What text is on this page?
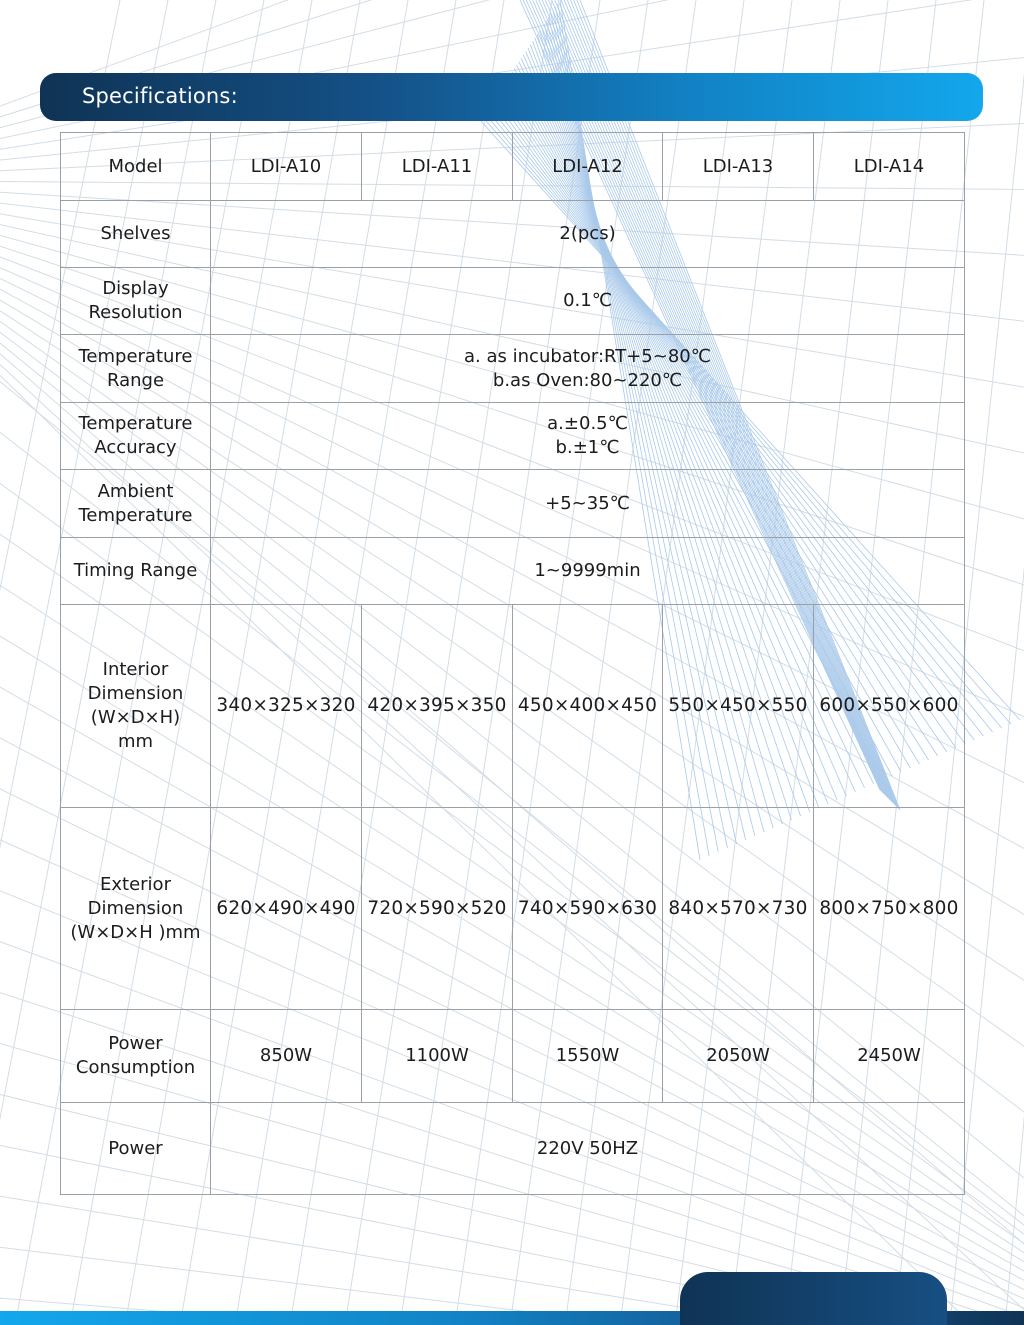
Specifications:
Model	LDI-A10	LDI-A11	LDI-A12	LDI-A13	LDI-A14
Shelves	2(pcs)				
Display
Resolution	0.1℃				
Temperature
Range	a. as incubator:RT+5~80℃
b.as Oven:80~220℃				
Temperature
Accuracy	a.±0.5℃
b.±1℃				
Ambient
Temperature	+5~35℃				
Timing Range	1~9999min				
Interior
Dimension
(W×D×H)
mm	340×325×320	420×395×350	450×400×450	550×450×550	600×550×600
Exterior
Dimension
(W×D×H )mm	620×490×490	720×590×520	740×590×630	840×570×730	800×750×800
Power
Consumption	850W	1100W	1550W	2050W	2450W
Power	220V 50HZ				
